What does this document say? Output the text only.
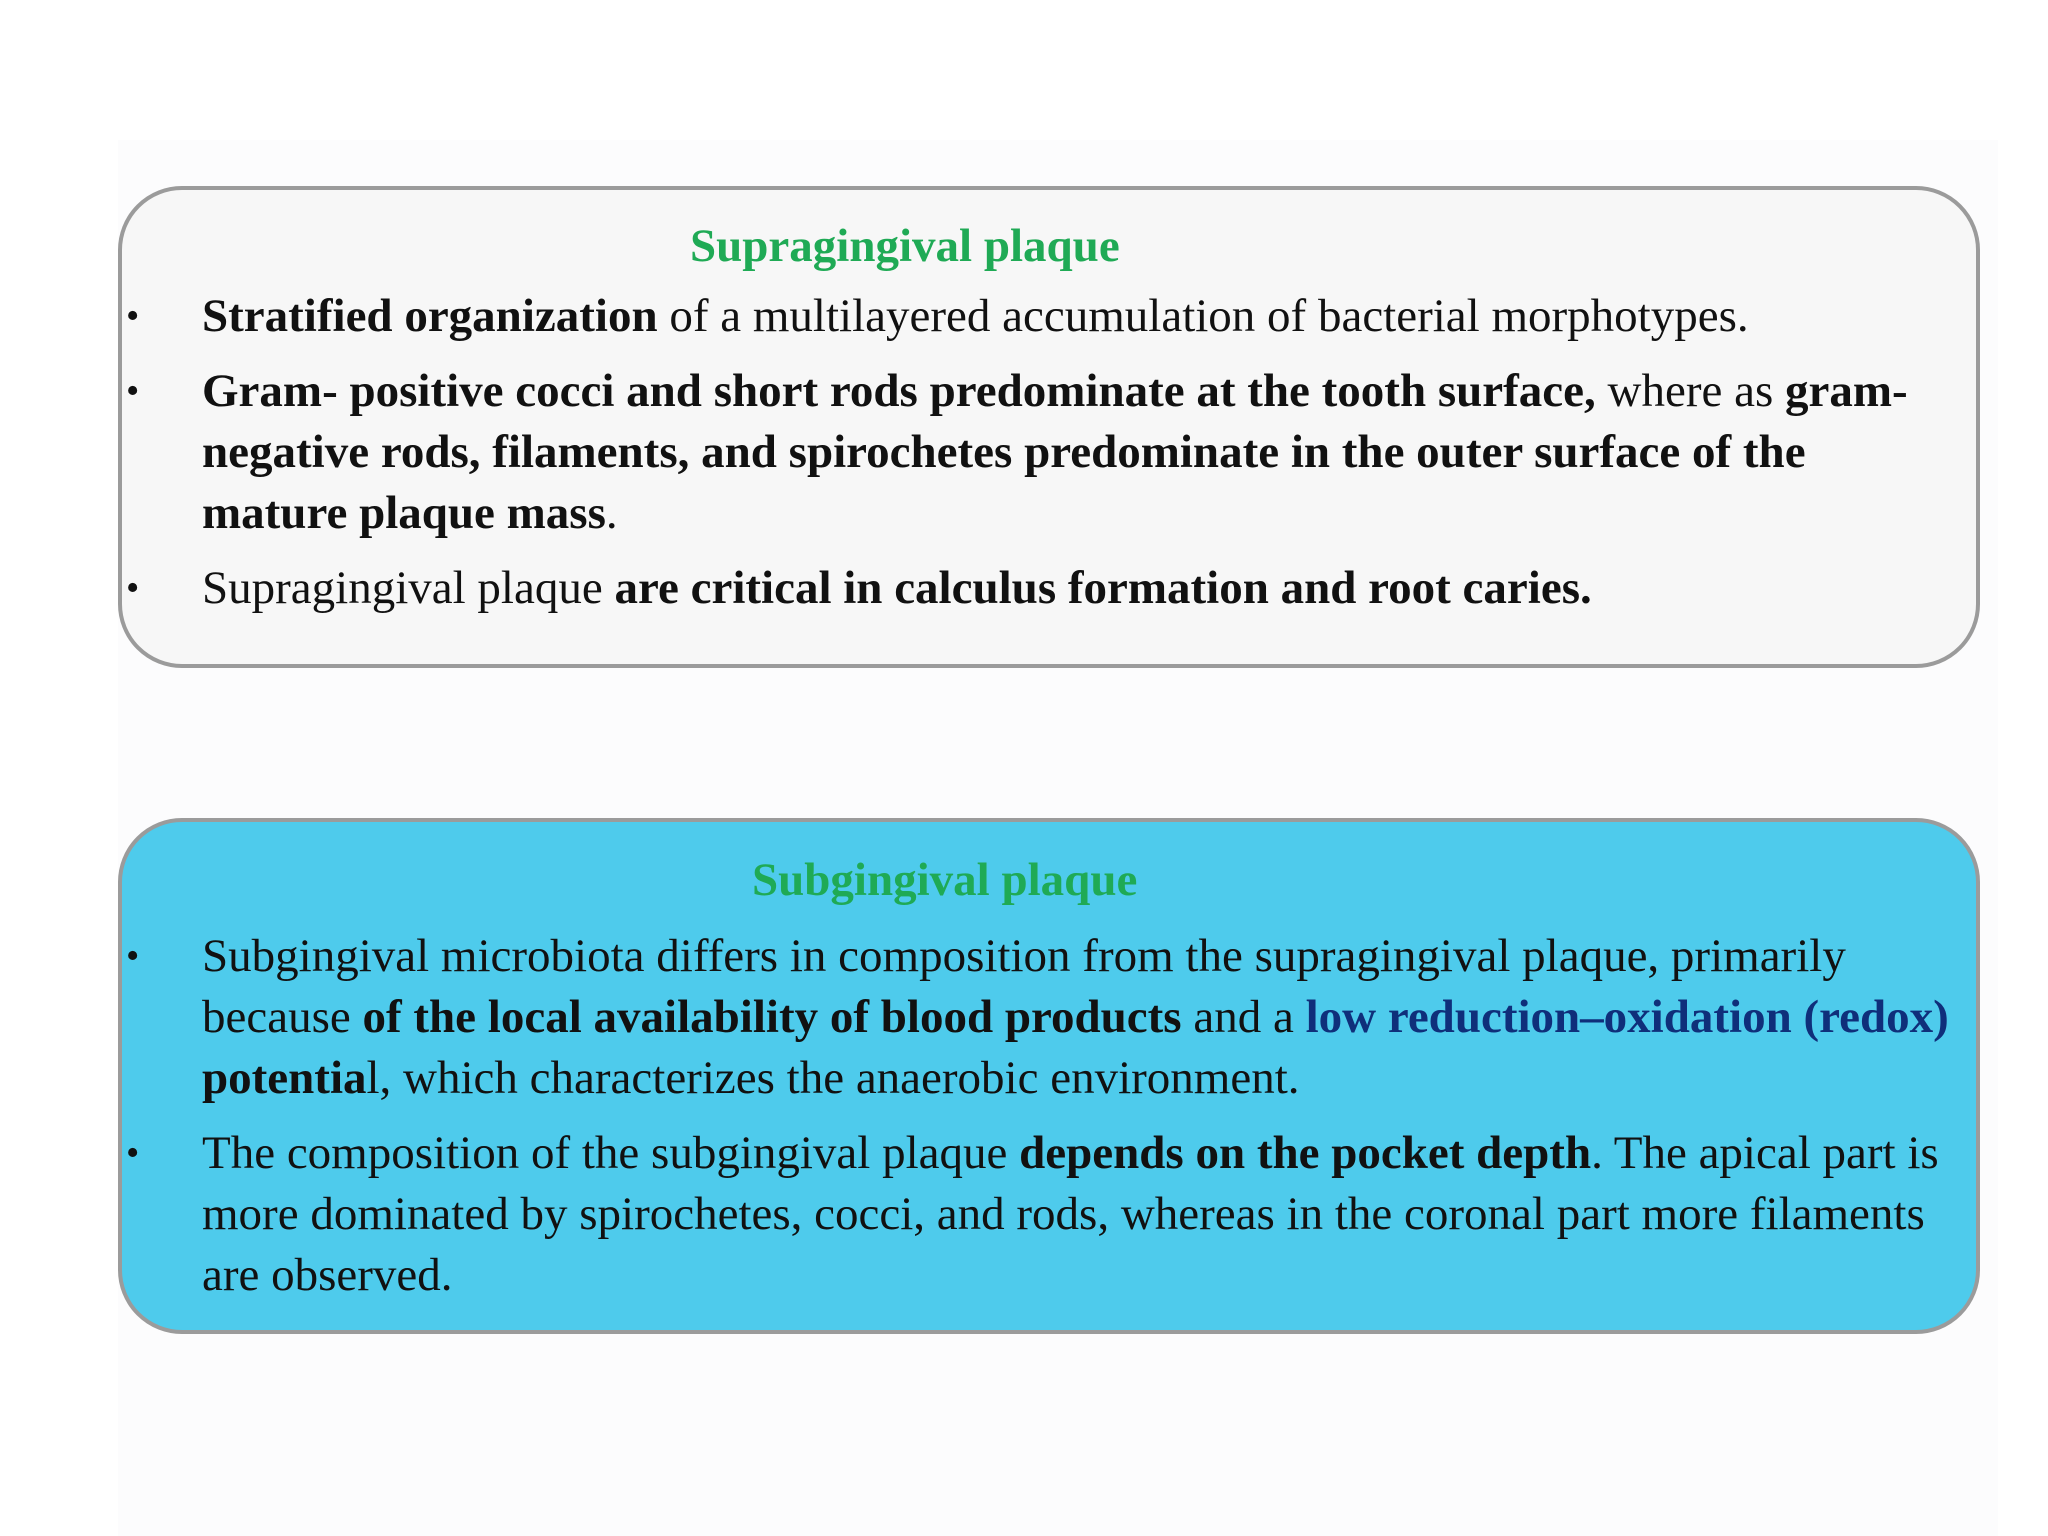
Supragingival plaque
• Stratified organization of a multilayered accumulation of bacterial morphotypes.
• Gram- positive cocci and short rods predominate at the tooth surface, where as gram-negative rods, filaments, and spirochetes predominate in the outer surface of the mature plaque mass.
• Supragingival plaque are critical in calculus formation and root caries.
Subgingival plaque
• Subgingival microbiota differs in composition from the supragingival plaque, primarily because of the local availability of blood products and a low reduction–oxidation (redox) potential, which characterizes the anaerobic environment.
• The composition of the subgingival plaque depends on the pocket depth. The apical part is more dominated by spirochetes, cocci, and rods, whereas in the coronal part more filaments are observed.
